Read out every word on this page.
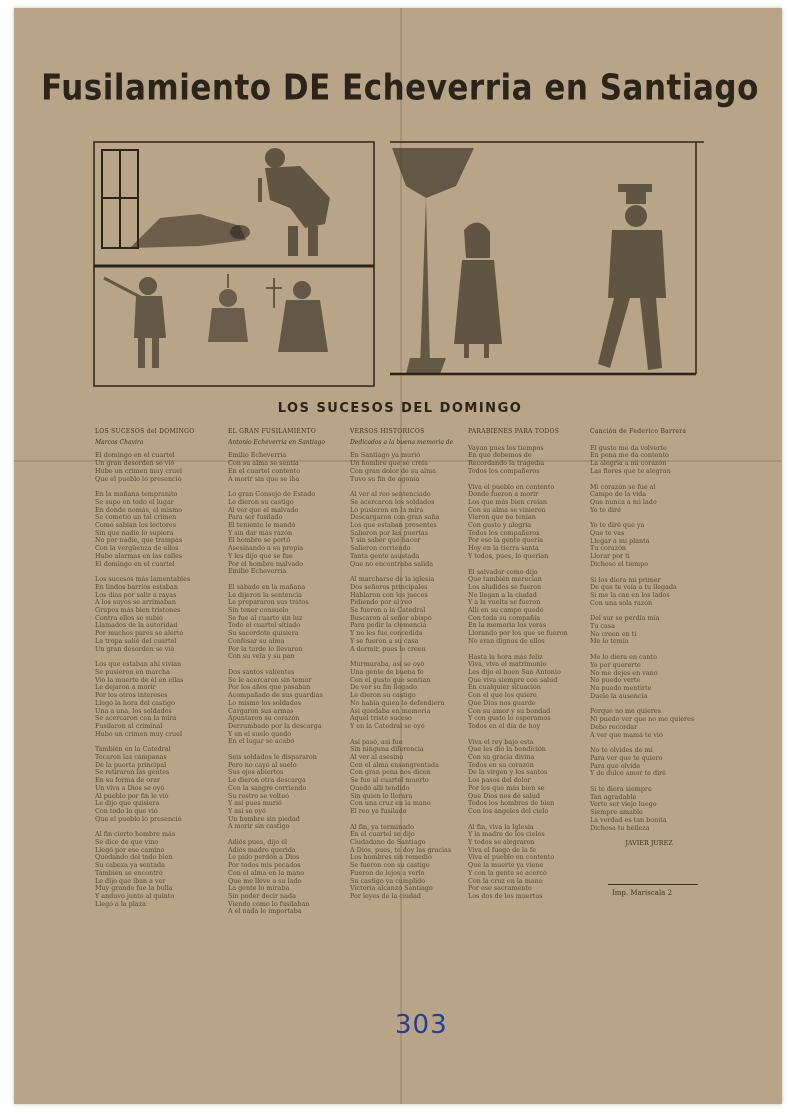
Fusilamiento DE Echeverria en Santiago
LOS SUCESOS DEL DOMINGO
LOS SUCESOS del DOMINGO
Marcos Chavira
El domingo en el cuartel
Un gran desorden se vió
Hubo un crimen muy cruel
Que el pueblo lo presenció
En la mañana tempranito
Se supo en todo el lugar
En donde nomás, el mismo
Se cometió un tal crimen
Como sabían los lectores
Sin que nadie lo supiera
No por nadie, que trampas
Con la vergüenza de ellos
Hubo alarmas en las calles
El domingo en el cuartel
Los sucesos más lamentables
En lindos barrios estaban
Los días por salir a rayas
A los suyos se arrimaban
Grupos más bien tristones
Contra ellos se subió
Llamados de la autoridad
Por muchos pares se alertó
La tropa salió del cuartel
Un gran desorden se vió
Los que estaban ahí vivían
Se pusieron en marcha
Vió la muerte de él en ellas
Le dejaron a morir
Por los otros intereses
Llegó la hora del castigo
Una a una, los soldados
Se acercaron con la mira
Fusilaron al criminal
Hubo un crimen muy cruel
También en la Catedral
Tocaron las campanas
De la puerta principal
Se retiraron las gentes
En su forma de orar
Un viva a Dios se oyó
Al pueblo por fin le vió
Le dijo que quisiera
Con todo lo que vió
Que el pueblo lo presenció
Al fin cierto hombre más
Se dice de que vino
Llegó por ese camino
Quedando del todo bien
Su cabeza ya sentada
También se encontró
Le dijo que iban a ver
Muy grande fue la bulla
Y anduvo junto al quinto
Llegó a la plaza
EL GRAN FUSILAMIENTO
Antonio Echeverria en Santiago
Emilio Echeverria
Con su alma se sentía
En el cuartel contento
A morir sin que se iba
Lo gran Consejo de Estado
Le dieron su castigo
Al ver que el malvado
Para ser fusilado
El teniente le mandó
Y sin dar más razón
El hombre se portó
Asesinando a su propia
Y les dijo que se fue
Por el hombre malvado
Emilio Echeverria
El sábado en la mañana
Le dijeron la sentencia
Le prepararon sus tratos
Sin tener consuelo
Se fue al cuarto sin luz
Todo el cuartel sitiado
Su sacerdote quisiera
Confesar su alma
Por la tarde lo llevaron
Con su vela y su pan
Dos santos valientes
Se le acercaron sin temor
Por los años que pasaban
Acompañado de sus guardias
Lo mismo los soldados
Cargaron sus armas
Apuntaron su corazón
Derrumbado por la descarga
Y en el suelo quedó
En el lugar se acabó
Seis soldados le dispararon
Pero no cayó al suelo
Sus ojos abiertos
Le dieron otra descarga
Con la sangre corriendo
Su rostro se volteó
Y así pues murió
Y así se oyó
Un hombre sin piedad
A morir sin castigo
Adiós pues, dijo él
Adiós madre querida
Le pido perdón a Dios
Por todos mis pecados
Con el alma en la mano
Que me lleve a su lado
La gente lo miraba
Sin poder decir nada
Viendo cómo lo fusilaban
A él nada le importaba
VERSOS HISTORICOS
Dedicados a la buena memoria de
En Santiago ya murió
Un hombre que se creía
Con gran dolor de su alma
Tuvo su fin de agonía
Al ver al reo sentenciado
Se acercaron los soldados
Lo pusieron en la mira
Descargaron con gran saña
Los que estaban presentes
Salieron por las puertas
Y sin saber qué hacer
Salieron corriendo
Tanta gente asustada
Que no encontraba salida
Al marcharse de la iglesia
Dos señores principales
Hablaron con los jueces
Pidiendo por el reo
Se fueron a la Catedral
Buscaron al señor obispo
Para pedir la clemencia
Y no les fue concedida
Y se fueron a su casa
A dormir, pues lo creen
Murmuraba, así se oyó
Una gente de buena fe
Con el gusto que sentían
De ver su fin llegado
Le dieron su castigo
No había quien lo defendiera
Así quedaba en memoria
Aquel triste suceso
Y en la Catedral se oyó
Así pasó, así fue
Sin ninguna diferencia
Al ver al asesino
Con el alma ensangrentada
Con gran pena nos dicen
Se fue al cuartel muerto
Quedó allí tendido
Sin quien lo llorara
Con una cruz en la mano
El reo ya fusilado
Al fin, ya terminado
En el cuartel se dijo
Ciudadano de Santiago
A Dios, pues, te doy las gracias
Los hombres sin remedio
Se fueron con su castigo
Fueron de lejos a verlo
Su castigo ya cumplido
Victoria alcanzó Santiago
Por leyes de la ciudad
PARABIENES PARA TODOS
Vayan pues los tiempos
En que debemos de
Recordando la tragedia
Todos los compañeros
Viva el pueblo en contento
Donde fueron a morir
Los que más bien creían
Con su alma se vinieron
Vieron que no tenían
Con gusto y alegría
Todos los compañeros
Por eso la gente quería
Hoy en la tierra santa
Y todos, pues, lo querían
El salvador como dijo
Que también merecían
Los aludidos se fueron
No llegan a la ciudad
Y a la vuelta se fueron
Allí en su campo quedó
Con toda su compañía
En la memoria los verás
Llorando por los que se fueron
No eran dignos de ellos
Hasta la hora más feliz
Viva, viva el matrimonio
Les dijo el buen San Antonio
Que viva siempre con salud
En cualquier situación
Con el que los quiere
Que Dios nos guarde
Con su amor y su bondad
Y con gusto lo esperamos
Todos en el día de hoy
Viva el rey bajo esta
Que les dio la bendición
Con su gracia divina
Todos en su corazón
De la virgen y los santos
Los pasos del dolor
Por los que más bien se
Que Dios nos dé salud
Todos los hombres de bien
Con los ángeles del cielo
Al fin, viva la Iglesia
Y la madre de los cielos
Y todos se alegraron
Viva el fuego de la fe
Viva el pueblo en contento
Que la muerte ya viene
Y con la gente se acercó
Con la cruz en la mano
Por ese sacramento
Los dos de los muertos
Canción de Federico Barrera
El gusto me da volverte
En pena me da contento
La alegría a mi corazón
Las flores que te alegran
Mi corazón se fue al
Campo de la vida
Que nunca a mi lado
Yo te diré
Yo te diré que ya
Que te vas
Llegar a mi planta
Tu corazón
Llorar por ti
Dichoso el tiempo
Si los diera mi primer
De que te veía a tu llegada
Si me la cae en los lados
Con una sola razón
Del sur se perdía mía
Tu casa
No creen en ti
Me lo temía
Me lo diera en canto
Yo por quererte
No me dejes en vano
No puedo verte
No puedo mentirte
Duele la ausencia
Porque no me quieres
Ni puedo ver que no me quieres
Debo recordar
A ver que mamá te vió
No te olvides de mí
Para ver que te quiero
Para que olvide
Y de dulce amor te diré
Si te diera siempre
Tan agradable
Verte ser viejo luego
Siempre amable
La verdad es tan bonita
Dichosa tu belleza
JAVIER JUREZ
Imp. Mariscala 2
303
